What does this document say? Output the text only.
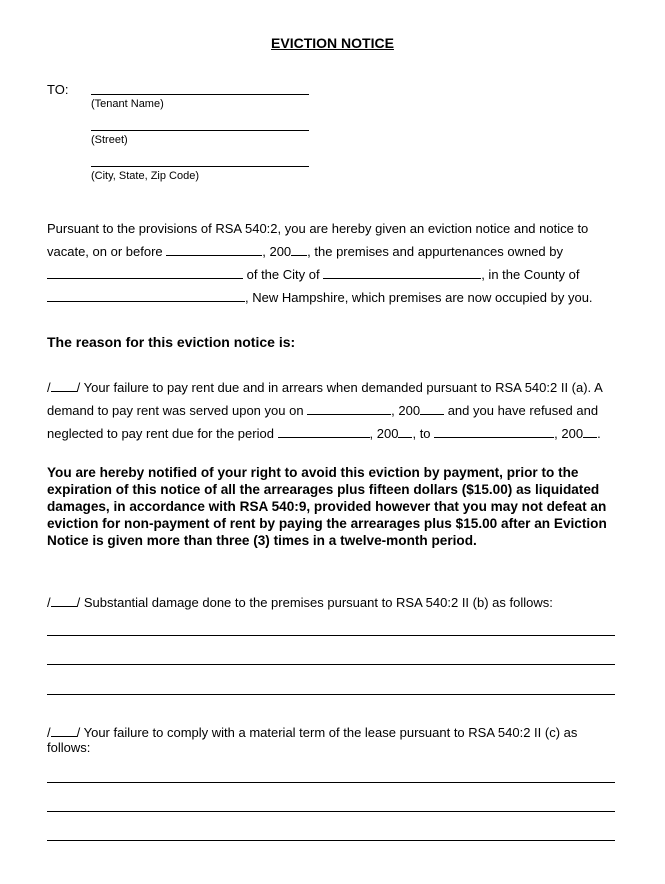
EVICTION NOTICE
TO:
(Tenant Name)
(Street)
(City, State, Zip Code)
Pursuant to the provisions of RSA 540:2, you are hereby given an eviction notice and notice to
vacate, on or before	, 200 , the premises and appurtenances owned by
of the City of	, in the County of
, New Hampshire, which premises are now occupied by you.
The reason for this eviction notice is:
/ / Your failure to pay rent due and in arrears when demanded pursuant to RSA 540:2 II (a). A
demand to pay rent was served upon you on	, 200 and you have refused and
neglected to pay rent due for the period	, 200 , to	, 200 .
You are hereby notified of your right to avoid this eviction by payment, prior to the expiration of this notice of all the arrearages plus fifteen dollars ($15.00) as liquidated damages, in accordance with RSA 540:9, provided however that you may not defeat an eviction for non-payment of rent by paying the arrearages plus $15.00 after an Eviction Notice is given more than three (3) times in a twelve-month period.
/ / Substantial damage done to the premises pursuant to RSA 540:2 II (b) as follows:
/ / Your failure to comply with a material term of the lease pursuant to RSA 540:2 II (c) as
follows:
